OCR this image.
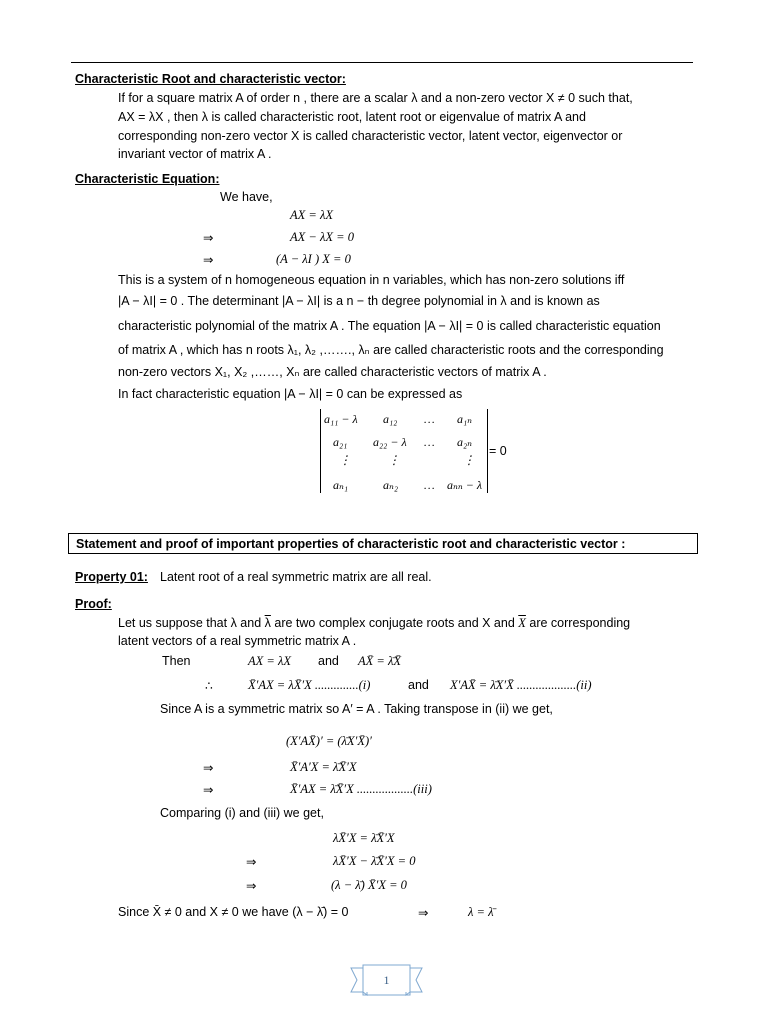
Characteristic Root and characteristic vector:
If for a square matrix A of order n , there are a scalar λ and a non-zero vector X ≠ 0 such that,
AX = λX , then λ is called characteristic root, latent root or eigenvalue of matrix A and
corresponding non-zero vector X is called characteristic vector, latent vector, eigenvector or
invariant vector of matrix A .
Characteristic Equation:
We have,
AX = λX
⇒	AX − λX = 0
⇒	(A − λI ) X = 0
This is a system of n homogeneous equation in n variables, which has non-zero solutions iff
|A − λI| = 0 . The determinant |A − λI| is a n − th degree polynomial in λ and is known as
characteristic polynomial of the matrix A . The equation |A − λI| = 0 is called characteristic equation
of matrix A , which has n roots λ₁, λ₂ ,……., λₙ are called characteristic roots and the corresponding
non-zero vectors X₁, X₂ ,……, Xₙ are called characteristic vectors of matrix A .
In fact characteristic equation |A − λI| = 0 can be expressed as
a₁₁ − λ a₁₂ … a₁ₙ
a₂₁ a₂₂ − λ … a₂ₙ
⋮	⋮	⋮
aₙ₁	aₙ₂ … aₙₙ − λ
= 0
Statement and proof of important properties of characteristic root and characteristic vector :
Property 01: Latent root of a real symmetric matrix are all real.
Proof:
Let us suppose that λ and $\overline{\lambda}$ are two complex conjugate roots and X and $\overline{X}$ are corresponding
latent vectors of a real symmetric matrix A .
Then	AX = λX and AX̄ = λ̄X̄
∴	X̄′AX = λX̄′X ..............(i)	and X′AX̄ = λ̄X′X̄ ...................(ii)
Since A is a symmetric matrix so A′ = A . Taking transpose in (ii) we get,
(X′AX̄)′ = (λ̄X′X̄)′
⇒	X̄′A′X = λ̄X̄′X
⇒	X̄′AX = λ̄X̄′X ..................(iii)
Comparing (i) and (iii) we get,
λX̄′X = λ̄X̄′X
⇒	λX̄′X − λ̄X̄′X = 0
⇒	(λ − λ̄) X̄′X = 0
Since X̄ ≠ 0 and X ≠ 0 we have (λ − λ̄) = 0	⇒	λ = λ̄
1
